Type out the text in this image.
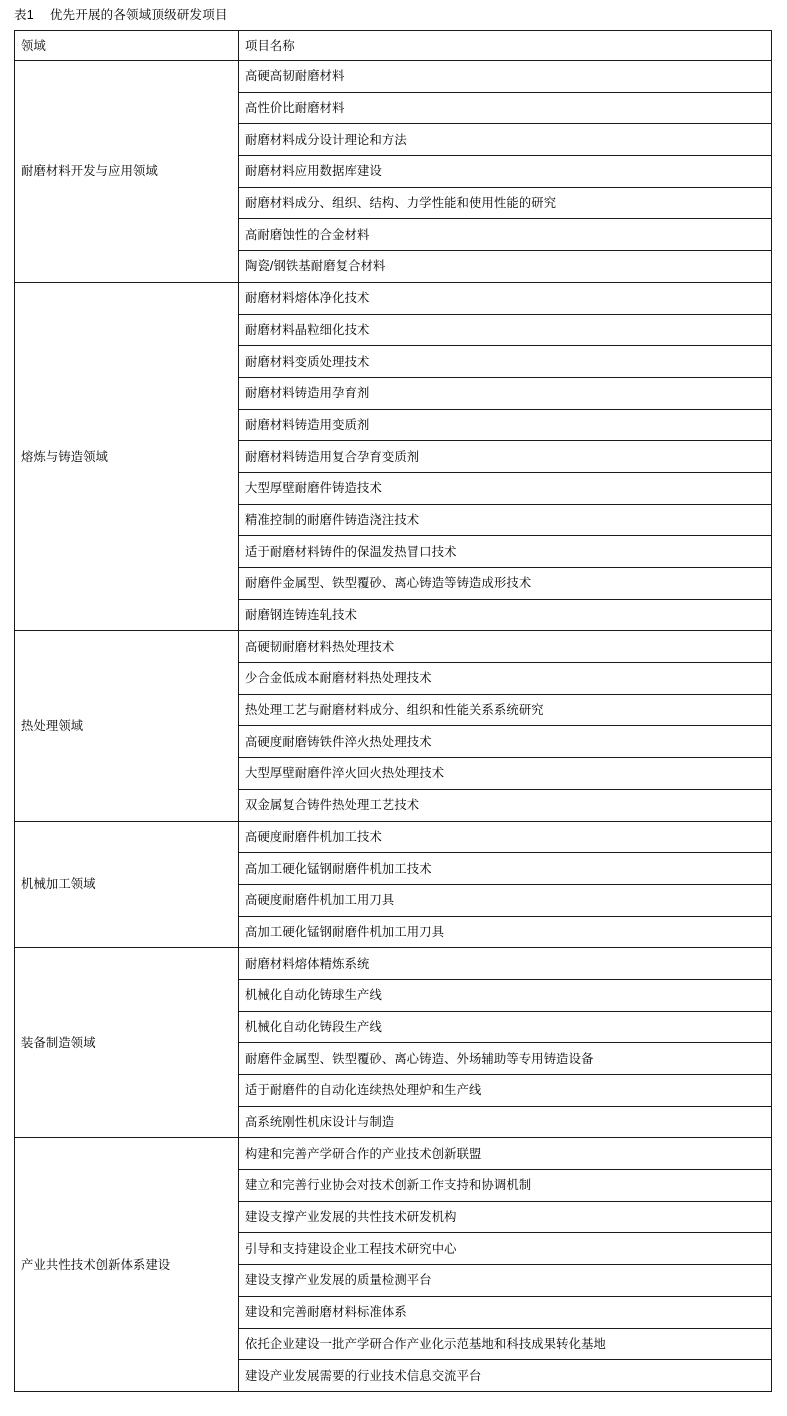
表1 优先开展的各领域顶级研发项目
领域	项目名称
耐磨材料开发与应用领域	高硬高韧耐磨材料
	高性价比耐磨材料
	耐磨材料成分设计理论和方法
	耐磨材料应用数据库建设
	耐磨材料成分、组织、结构、力学性能和使用性能的研究
	高耐磨蚀性的合金材料
	陶瓷/钢铁基耐磨复合材料
熔炼与铸造领域	耐磨材料熔体净化技术
	耐磨材料晶粒细化技术
	耐磨材料变质处理技术
	耐磨材料铸造用孕育剂
	耐磨材料铸造用变质剂
	耐磨材料铸造用复合孕育变质剂
	大型厚壁耐磨件铸造技术
	精准控制的耐磨件铸造浇注技术
	适于耐磨材料铸件的保温发热冒口技术
	耐磨件金属型、铁型覆砂、离心铸造等铸造成形技术
	耐磨钢连铸连轧技术
热处理领域	高硬韧耐磨材料热处理技术
	少合金低成本耐磨材料热处理技术
	热处理工艺与耐磨材料成分、组织和性能关系系统研究
	高硬度耐磨铸铁件淬火热处理技术
	大型厚壁耐磨件淬火回火热处理技术
	双金属复合铸件热处理工艺技术
机械加工领域	高硬度耐磨件机加工技术
	高加工硬化锰钢耐磨件机加工技术
	高硬度耐磨件机加工用刀具
	高加工硬化锰钢耐磨件机加工用刀具
装备制造领域	耐磨材料熔体精炼系统
	机械化自动化铸球生产线
	机械化自动化铸段生产线
	耐磨件金属型、铁型覆砂、离心铸造、外场辅助等专用铸造设备
	适于耐磨件的自动化连续热处理炉和生产线
	高系统刚性机床设计与制造
产业共性技术创新体系建设	构建和完善产学研合作的产业技术创新联盟
	建立和完善行业协会对技术创新工作支持和协调机制
	建设支撑产业发展的共性技术研发机构
	引导和支持建设企业工程技术研究中心
	建设支撑产业发展的质量检测平台
	建设和完善耐磨材料标准体系
	依托企业建设一批产学研合作产业化示范基地和科技成果转化基地
	建设产业发展需要的行业技术信息交流平台
